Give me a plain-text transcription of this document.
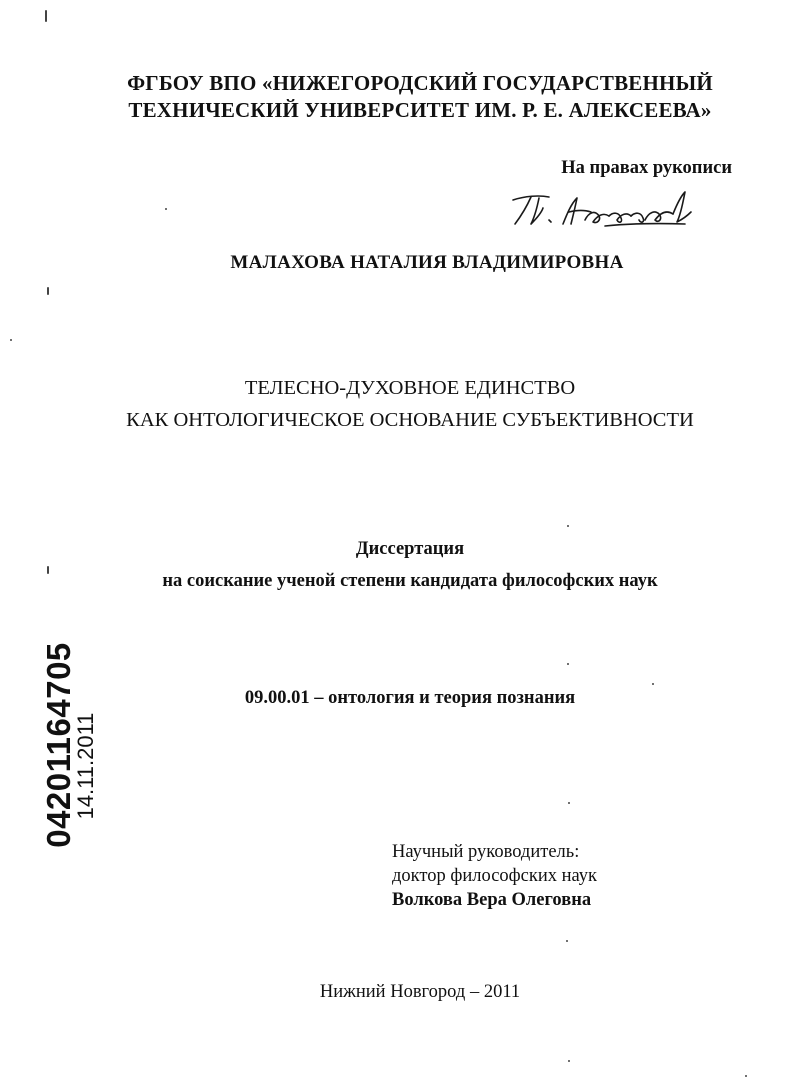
ФГБОУ ВПО «НИЖЕГОРОДСКИЙ ГОСУДАРСТВЕННЫЙ
ТЕХНИЧЕСКИЙ УНИВЕРСИТЕТ ИМ. Р. Е. АЛЕКСЕЕВА»
На правах рукописи
МАЛАХОВА НАТАЛИЯ ВЛАДИМИРОВНА
ТЕЛЕСНО-ДУХОВНОЕ ЕДИНСТВО
КАК ОНТОЛОГИЧЕСКОЕ ОСНОВАНИЕ СУБЪЕКТИВНОСТИ
Диссертация
на соискание ученой степени кандидата философских наук
09.00.01 – онтология и теория познания
Научный руководитель:
доктор философских наук
Волкова Вера Олеговна
Нижний Новгород – 2011
04201164705
14.11.2011
